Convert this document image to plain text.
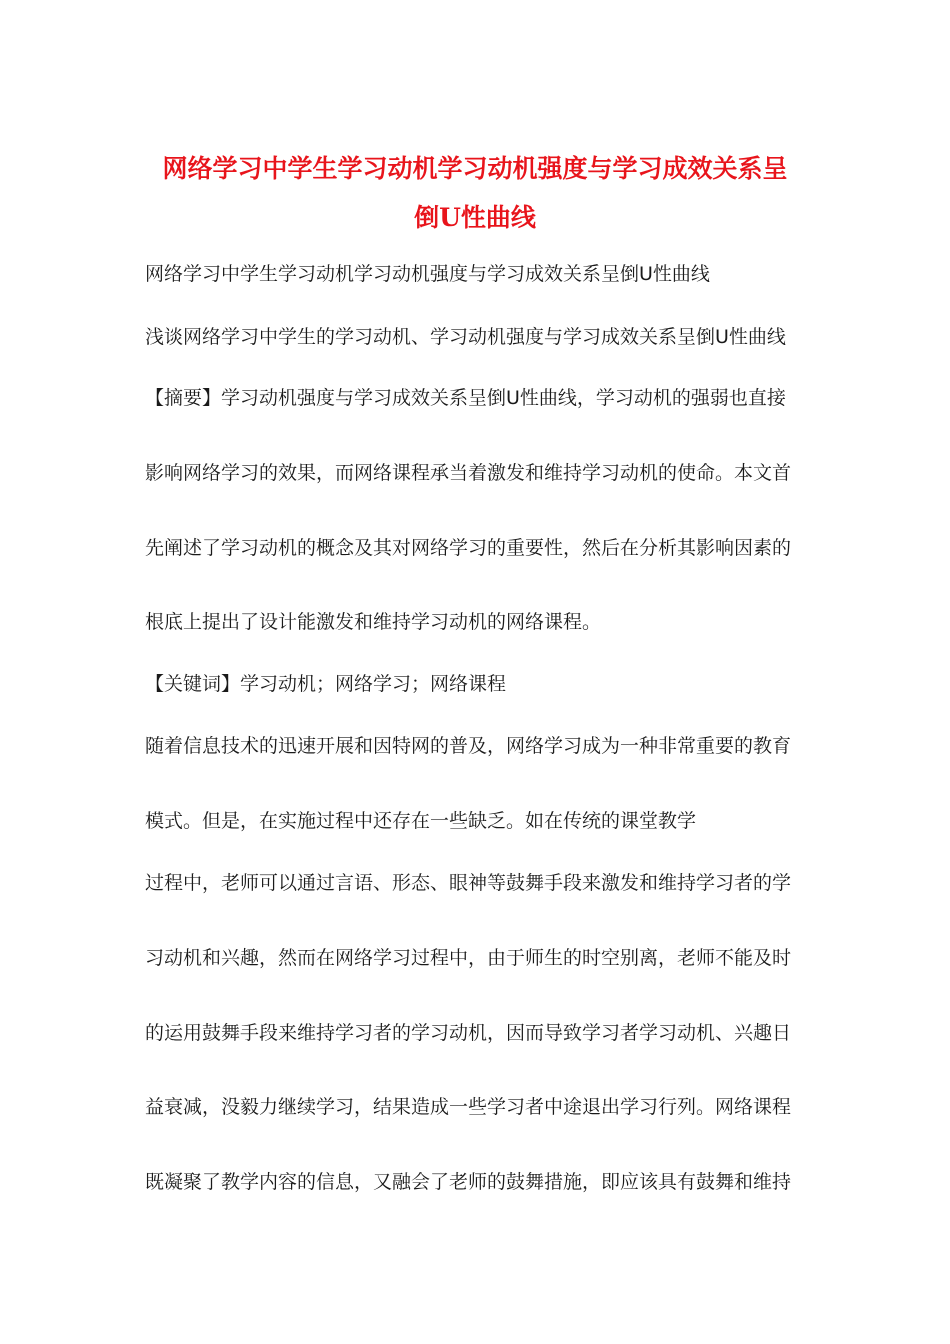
网络学习中学生学习动机学习动机强度与学习成效关系呈
倒U性曲线
网络学习中学生学习动机学习动机强度与学习成效关系呈倒U性曲线
浅谈网络学习中学生的学习动机、学习动机强度与学习成效关系呈倒U性曲线
【摘要】学习动机强度与学习成效关系呈倒U性曲线，学习动机的强弱也直接
影响网络学习的效果，而网络课程承当着激发和维持学习动机的使命。本文首
先阐述了学习动机的概念及其对网络学习的重要性，然后在分析其影响因素的
根底上提出了设计能激发和维持学习动机的网络课程。
【关键词】学习动机；网络学习；网络课程
随着信息技术的迅速开展和因特网的普及，网络学习成为一种非常重要的教育
模式。但是，在实施过程中还存在一些缺乏。如在传统的课堂教学
过程中，老师可以通过言语、形态、眼神等鼓舞手段来激发和维持学习者的学
习动机和兴趣，然而在网络学习过程中，由于师生的时空别离，老师不能及时
的运用鼓舞手段来维持学习者的学习动机，因而导致学习者学习动机、兴趣日
益衰减，没毅力继续学习，结果造成一些学习者中途退出学习行列。网络课程
既凝聚了教学内容的信息，又融会了老师的鼓舞措施，即应该具有鼓舞和维持
